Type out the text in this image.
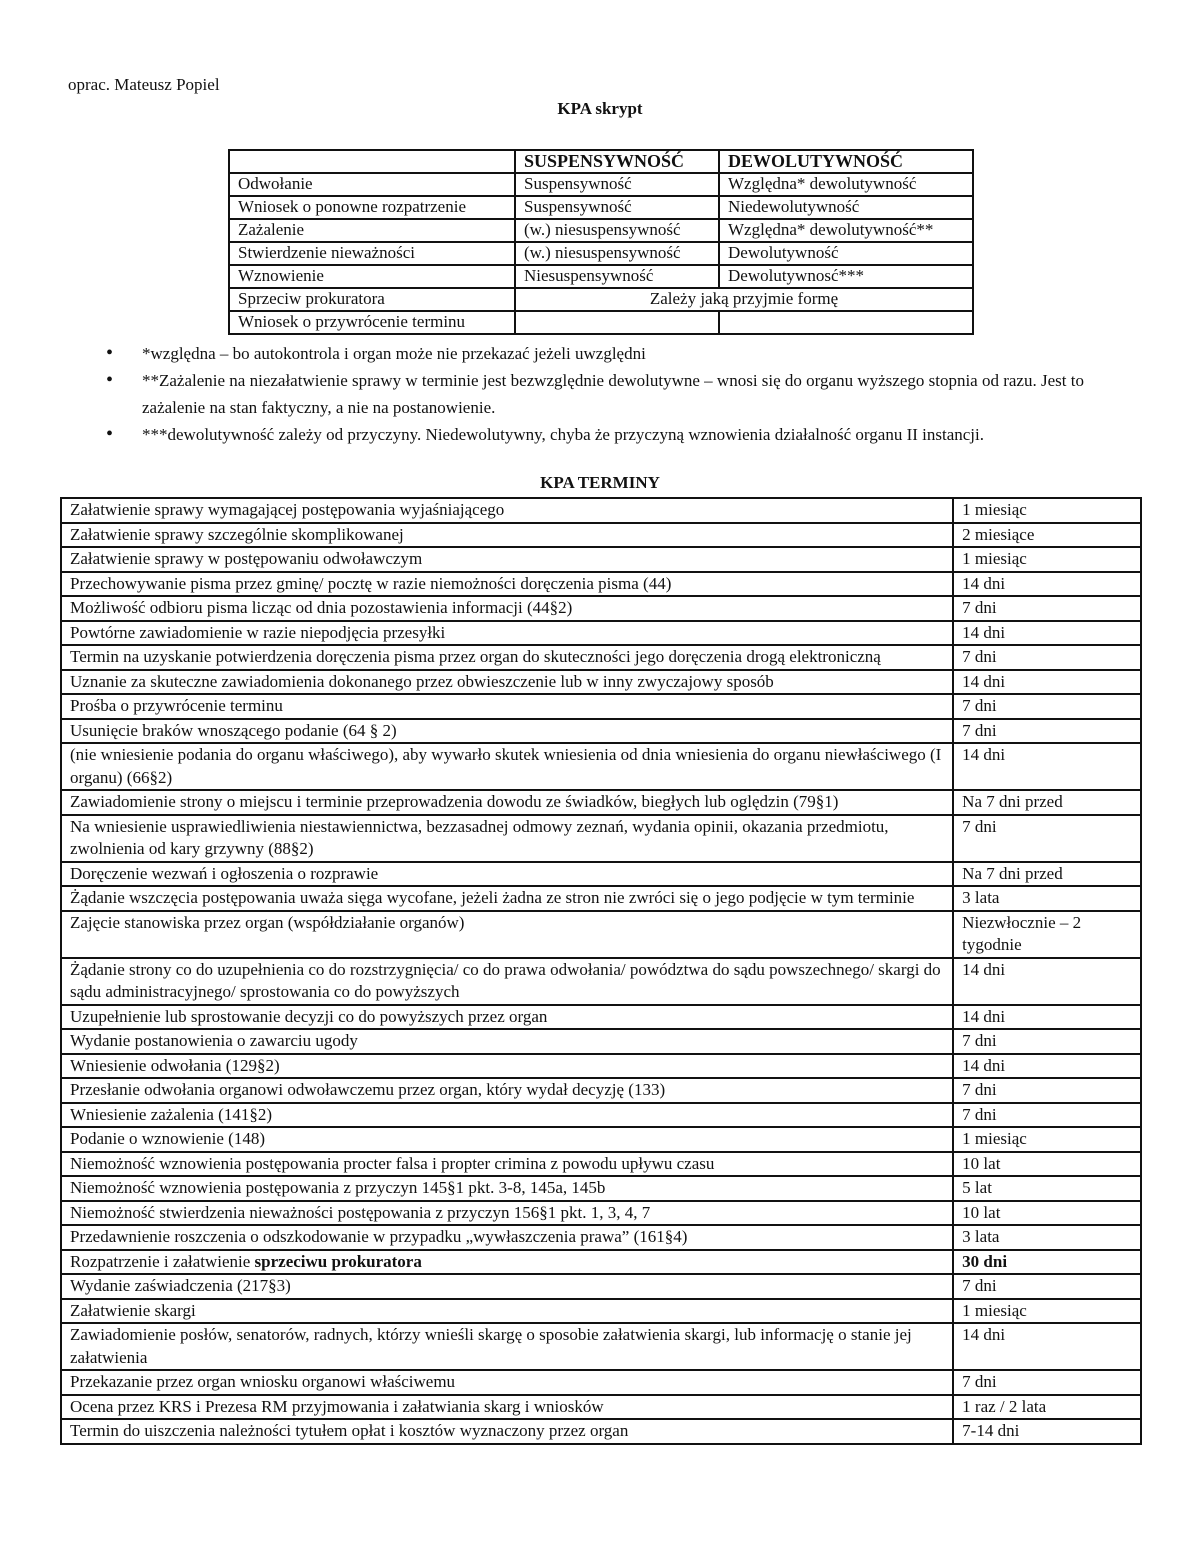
oprac. Mateusz Popiel
KPA skrypt
	SUSPENSYWNOŚĆ	DEWOLUTYWNOŚĆ
Odwołanie	Suspensywność	Względna* dewolutywność
Wniosek o ponowne rozpatrzenie	Suspensywność	Niedewolutywność
Zażalenie	(w.) niesuspensywność	Względna* dewolutywność**
Stwierdzenie nieważności	(w.) niesuspensywność	Dewolutywność
Wznowienie	Niesuspensywność	Dewolutywnosć***
Sprzeciw prokuratora	Zależy jaką przyjmie formę	
Wniosek o przywrócenie terminu		
• *względna – bo autokontrola i organ może nie przekazać jeżeli uwzględni
• **Zażalenie na niezałatwienie sprawy w terminie jest bezwzględnie dewolutywne – wnosi się do organu wyższego stopnia od razu. Jest to zażalenie na stan faktyczny, a nie na postanowienie.
• ***dewolutywność zależy od przyczyny. Niedewolutywny, chyba że przyczyną wznowienia działalność organu II instancji.
KPA TERMINY
Załatwienie sprawy wymagającej postępowania wyjaśniającego	1 miesiąc
Załatwienie sprawy szczególnie skomplikowanej	2 miesiące
Załatwienie sprawy w postępowaniu odwoławczym	1 miesiąc
Przechowywanie pisma przez gminę/ pocztę w razie niemożności doręczenia pisma (44)	14 dni
Możliwość odbioru pisma licząc od dnia pozostawienia informacji (44§2)	7 dni
Powtórne zawiadomienie w razie niepodjęcia przesyłki	14 dni
Termin na uzyskanie potwierdzenia doręczenia pisma przez organ do skuteczności jego doręczenia drogą elektroniczną	7 dni
Uznanie za skuteczne zawiadomienia dokonanego przez obwieszczenie lub w inny zwyczajowy sposób	14 dni
Prośba o przywrócenie terminu	7 dni
Usunięcie braków wnoszącego podanie (64 § 2)	7 dni
(nie wniesienie podania do organu właściwego), aby wywarło skutek wniesienia od dnia wniesienia do organu niewłaściwego (I organu) (66§2)	14 dni
Zawiadomienie strony o miejscu i terminie przeprowadzenia dowodu ze świadków, biegłych lub oględzin (79§1)	Na 7 dni przed
Na wniesienie usprawiedliwienia niestawiennictwa, bezzasadnej odmowy zeznań, wydania opinii, okazania przedmiotu, zwolnienia od kary grzywny (88§2)	7 dni
Doręczenie wezwań i ogłoszenia o rozprawie	Na 7 dni przed
Żądanie wszczęcia postępowania uważa sięga wycofane, jeżeli żadna ze stron nie zwróci się o jego podjęcie w tym terminie	3 lata
Zajęcie stanowiska przez organ (współdziałanie organów)	Niezwłocznie – 2 tygodnie
Żądanie strony co do uzupełnienia co do rozstrzygnięcia/ co do prawa odwołania/ powództwa do sądu powszechnego/ skargi do sądu administracyjnego/ sprostowania co do powyższych	14 dni
Uzupełnienie lub sprostowanie decyzji co do powyższych przez organ	14 dni
Wydanie postanowienia o zawarciu ugody	7 dni
Wniesienie odwołania (129§2)	14 dni
Przesłanie odwołania organowi odwoławczemu przez organ, który wydał decyzję (133)	7 dni
Wniesienie zażalenia (141§2)	7 dni
Podanie o wznowienie (148)	1 miesiąc
Niemożność wznowienia postępowania procter falsa i propter crimina z powodu upływu czasu	10 lat
Niemożność wznowienia postępowania z przyczyn 145§1 pkt. 3-8, 145a, 145b	5 lat
Niemożność stwierdzenia nieważności postępowania z przyczyn 156§1 pkt. 1, 3, 4, 7	10 lat
Przedawnienie roszczenia o odszkodowanie w przypadku „wywłaszczenia prawa” (161§4)	3 lata
Rozpatrzenie i załatwienie sprzeciwu prokuratora	30 dni
Wydanie zaświadczenia (217§3)	7 dni
Załatwienie skargi	1 miesiąc
Zawiadomienie posłów, senatorów, radnych, którzy wnieśli skargę o sposobie załatwienia skargi, lub informację o stanie jej załatwienia	14 dni
Przekazanie przez organ wniosku organowi właściwemu	7 dni
Ocena przez KRS i Prezesa RM przyjmowania i załatwiania skarg i wniosków	1 raz / 2 lata
Termin do uiszczenia należności tytułem opłat i kosztów wyznaczony przez organ	7-14 dni
